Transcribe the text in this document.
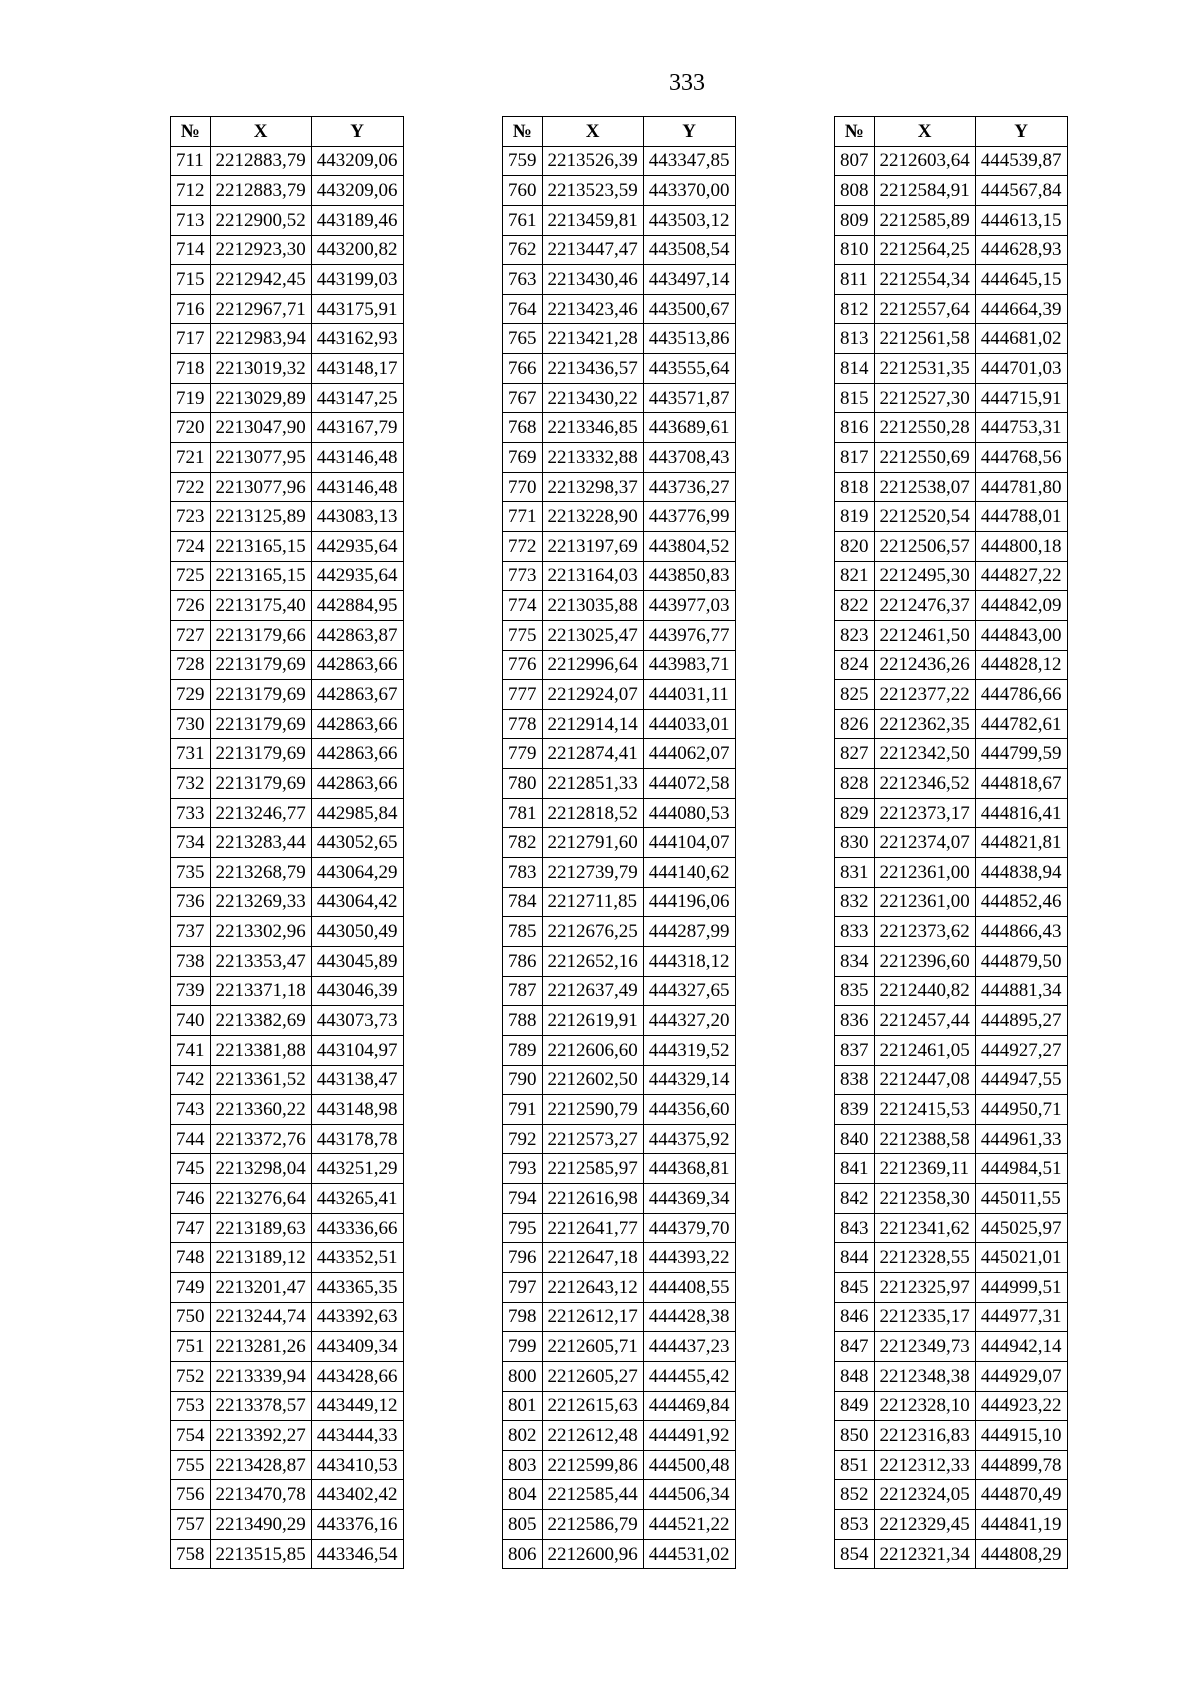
333
№	X	Y
711	2212883,79	443209,06
712	2212883,79	443209,06
713	2212900,52	443189,46
714	2212923,30	443200,82
715	2212942,45	443199,03
716	2212967,71	443175,91
717	2212983,94	443162,93
718	2213019,32	443148,17
719	2213029,89	443147,25
720	2213047,90	443167,79
721	2213077,95	443146,48
722	2213077,96	443146,48
723	2213125,89	443083,13
724	2213165,15	442935,64
725	2213165,15	442935,64
726	2213175,40	442884,95
727	2213179,66	442863,87
728	2213179,69	442863,66
729	2213179,69	442863,67
730	2213179,69	442863,66
731	2213179,69	442863,66
732	2213179,69	442863,66
733	2213246,77	442985,84
734	2213283,44	443052,65
735	2213268,79	443064,29
736	2213269,33	443064,42
737	2213302,96	443050,49
738	2213353,47	443045,89
739	2213371,18	443046,39
740	2213382,69	443073,73
741	2213381,88	443104,97
742	2213361,52	443138,47
743	2213360,22	443148,98
744	2213372,76	443178,78
745	2213298,04	443251,29
746	2213276,64	443265,41
747	2213189,63	443336,66
748	2213189,12	443352,51
749	2213201,47	443365,35
750	2213244,74	443392,63
751	2213281,26	443409,34
752	2213339,94	443428,66
753	2213378,57	443449,12
754	2213392,27	443444,33
755	2213428,87	443410,53
756	2213470,78	443402,42
757	2213490,29	443376,16
758	2213515,85	443346,54
№	X	Y
759	2213526,39	443347,85
760	2213523,59	443370,00
761	2213459,81	443503,12
762	2213447,47	443508,54
763	2213430,46	443497,14
764	2213423,46	443500,67
765	2213421,28	443513,86
766	2213436,57	443555,64
767	2213430,22	443571,87
768	2213346,85	443689,61
769	2213332,88	443708,43
770	2213298,37	443736,27
771	2213228,90	443776,99
772	2213197,69	443804,52
773	2213164,03	443850,83
774	2213035,88	443977,03
775	2213025,47	443976,77
776	2212996,64	443983,71
777	2212924,07	444031,11
778	2212914,14	444033,01
779	2212874,41	444062,07
780	2212851,33	444072,58
781	2212818,52	444080,53
782	2212791,60	444104,07
783	2212739,79	444140,62
784	2212711,85	444196,06
785	2212676,25	444287,99
786	2212652,16	444318,12
787	2212637,49	444327,65
788	2212619,91	444327,20
789	2212606,60	444319,52
790	2212602,50	444329,14
791	2212590,79	444356,60
792	2212573,27	444375,92
793	2212585,97	444368,81
794	2212616,98	444369,34
795	2212641,77	444379,70
796	2212647,18	444393,22
797	2212643,12	444408,55
798	2212612,17	444428,38
799	2212605,71	444437,23
800	2212605,27	444455,42
801	2212615,63	444469,84
802	2212612,48	444491,92
803	2212599,86	444500,48
804	2212585,44	444506,34
805	2212586,79	444521,22
806	2212600,96	444531,02
№	X	Y
807	2212603,64	444539,87
808	2212584,91	444567,84
809	2212585,89	444613,15
810	2212564,25	444628,93
811	2212554,34	444645,15
812	2212557,64	444664,39
813	2212561,58	444681,02
814	2212531,35	444701,03
815	2212527,30	444715,91
816	2212550,28	444753,31
817	2212550,69	444768,56
818	2212538,07	444781,80
819	2212520,54	444788,01
820	2212506,57	444800,18
821	2212495,30	444827,22
822	2212476,37	444842,09
823	2212461,50	444843,00
824	2212436,26	444828,12
825	2212377,22	444786,66
826	2212362,35	444782,61
827	2212342,50	444799,59
828	2212346,52	444818,67
829	2212373,17	444816,41
830	2212374,07	444821,81
831	2212361,00	444838,94
832	2212361,00	444852,46
833	2212373,62	444866,43
834	2212396,60	444879,50
835	2212440,82	444881,34
836	2212457,44	444895,27
837	2212461,05	444927,27
838	2212447,08	444947,55
839	2212415,53	444950,71
840	2212388,58	444961,33
841	2212369,11	444984,51
842	2212358,30	445011,55
843	2212341,62	445025,97
844	2212328,55	445021,01
845	2212325,97	444999,51
846	2212335,17	444977,31
847	2212349,73	444942,14
848	2212348,38	444929,07
849	2212328,10	444923,22
850	2212316,83	444915,10
851	2212312,33	444899,78
852	2212324,05	444870,49
853	2212329,45	444841,19
854	2212321,34	444808,29
